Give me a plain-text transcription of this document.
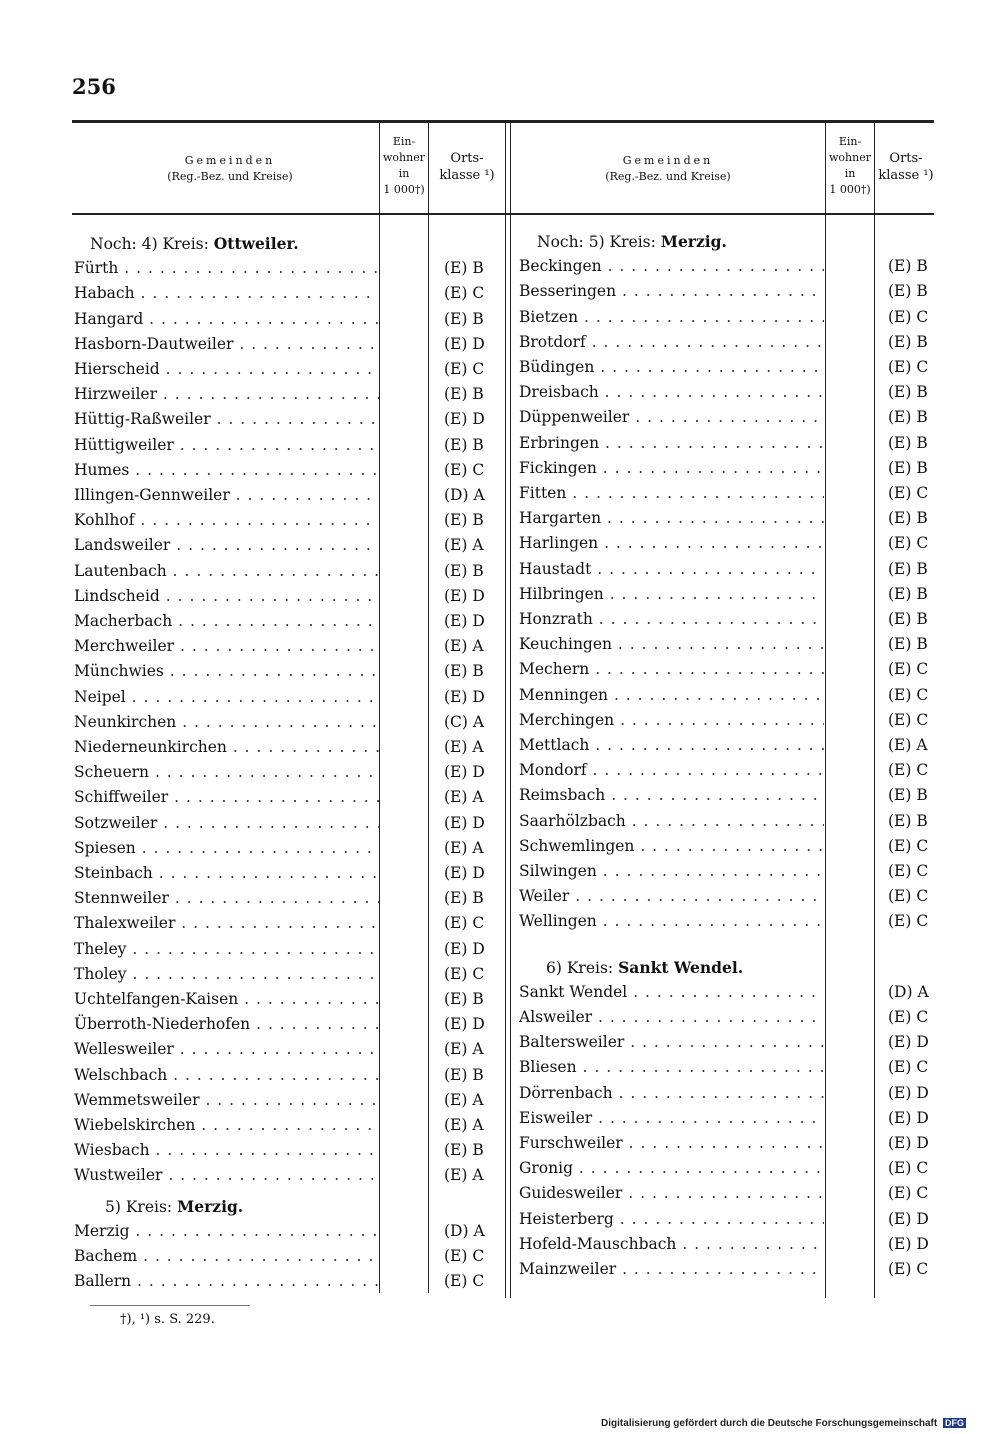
256
Gemeinden
(Reg.-Bez. und Kreise)
Ein-
wohner
in
1 000†)
Orts-
klasse ¹)
Gemeinden
(Reg.-Bez. und Kreise)
Ein-
wohner
in
1 000†)
Orts-
klasse ¹)
Noch: 4) Kreis: Ottweiler.
Fürth . . .	(E) B
Habach . . .	(E) C
Hangard . . .	(E) B
Hasborn-Dautweiler . . .	(E) D
Hierscheid . . .	(E) C
Hirzweiler . . .	(E) B
Hüttig-Raßweiler . . .	(E) D
Hüttigweiler . . .	(E) B
Humes . . .	(E) C
Illingen-Gennweiler . . .	(D) A
Kohlhof . . .	(E) B
Landsweiler . . .	(E) A
Lautenbach . . .	(E) B
Lindscheid . . .	(E) D
Macherbach . . .	(E) D
Merchweiler . . .	(E) A
Münchwies . . .	(E) B
Neipel . . .	(E) D
Neunkirchen . . .	(C) A
Niederneunkirchen . . .	(E) A
Scheuern . . .	(E) D
Schiffweiler . . .	(E) A
Sotzweiler . . .	(E) D
Spiesen . . .	(E) A
Steinbach . . .	(E) D
Stennweiler . . .	(E) B
Thalexweiler . . .	(E) C
Theley . . .	(E) D
Tholey . . .	(E) C
Uchtelfangen-Kaisen . . .	(E) B
Überroth-Niederhofen . . .	(E) D
Wellesweiler . . .	(E) A
Welschbach . . .	(E) B
Wemmetsweiler . . .	(E) A
Wiebelskirchen . . .	(E) A
Wiesbach . . .	(E) B
Wustweiler . . .	(E) A
5) Kreis: Merzig.
Merzig . . .	(D) A
Bachem . . .	(E) C
Ballern . . .	(E) C
Noch: 5) Kreis: Merzig.
Beckingen . . .	(E) B
Besseringen . . .	(E) B
Bietzen . . .	(E) C
Brotdorf . . .	(E) B
Büdingen . . .	(E) C
Dreisbach . . .	(E) B
Düppenweiler . . .	(E) B
Erbringen . . .	(E) B
Fickingen . . .	(E) B
Fitten . . .	(E) C
Hargarten . . .	(E) B
Harlingen . . .	(E) C
Haustadt . . .	(E) B
Hilbringen . . .	(E) B
Honzrath . . .	(E) B
Keuchingen . . .	(E) B
Mechern . . .	(E) C
Menningen . . .	(E) C
Merchingen . . .	(E) C
Mettlach . . .	(E) A
Mondorf . . .	(E) C
Reimsbach . . .	(E) B
Saarhölzbach . . .	(E) B
Schwemlingen . . .	(E) C
Silwingen . . .	(E) C
Weiler . . .	(E) C
Wellingen . . .	(E) C
6) Kreis: Sankt Wendel.
Sankt Wendel . . .	(D) A
Alsweiler . . .	(E) C
Baltersweiler . . .	(E) D
Bliesen . . .	(E) C
Dörrenbach . . .	(E) D
Eisweiler . . .	(E) D
Furschweiler . . .	(E) D
Gronig . . .	(E) C
Guidesweiler . . .	(E) C
Heisterberg . . .	(E) D
Hofeld-Mauschbach . . .	(E) D
Mainzweiler . . .	(E) C
†), ¹) s. S. 229.
Digitalisierung gefördert durch die Deutsche Forschungsgemeinschaft DFG
